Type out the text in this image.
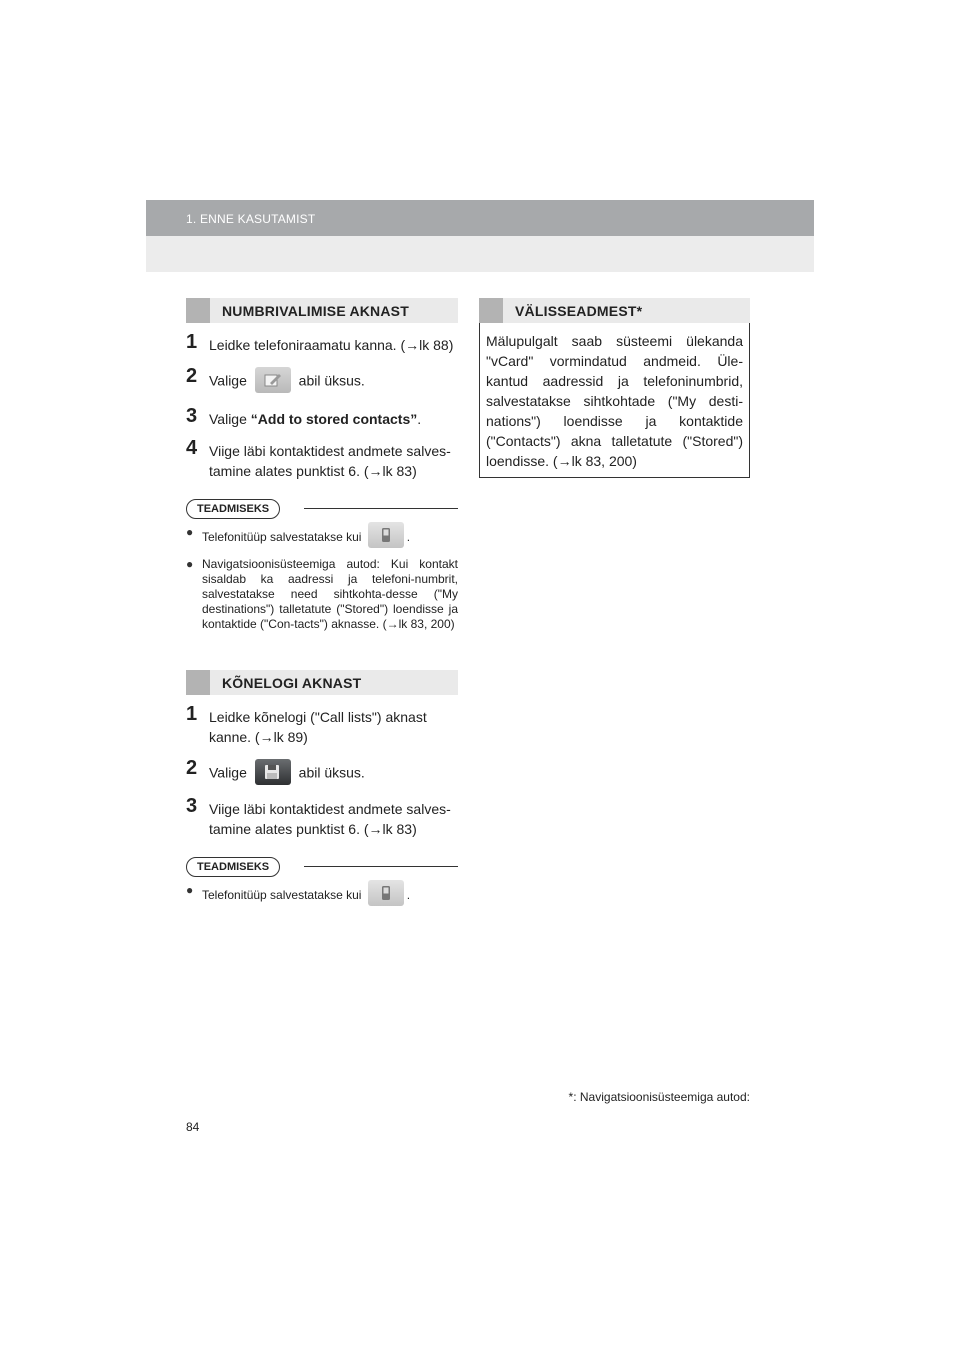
1. ENNE KASUTAMIST
NUMBRIVALIMISE AKNAST
1 Leidke telefoniraamatu kanna. (→lk 88)
2 Valige	abil üksus.
3 Valige “Add to stored contacts”.
4 Viige läbi kontaktidest andmete salves-tamine alates punktist 6. (→lk 83)
TEADMISEKS
● Telefonitüüp salvestatakse kui	.
● Navigatsioonisüsteemiga autod: Kui kontakt sisaldab ka aadressi ja telefoni-numbrit, salvestatakse need sihtkohta-desse ("My destinations") talletatute ("Stored") loendisse ja kontaktide ("Con-tacts") aknasse. (→lk 83, 200)
KÕNELOGI AKNAST
1 Leidke kõnelogi ("Call lists") aknast kanne. (→lk 89)
2 Valige	abil üksus.
3 Viige läbi kontaktidest andmete salves-tamine alates punktist 6. (→lk 83)
TEADMISEKS
● Telefonitüüp salvestatakse kui	.
VÄLISSEADMEST*
Mälupulgalt saab süsteemi ülekanda "vCard" vormindatud andmeid. Üle-kantud aadressid ja telefoninumbrid, salvestatakse sihtkohtade ("My desti-nations") loendisse ja kontaktide ("Contacts") akna talletatute ("Stored") loendisse. (→lk 83, 200)
*: Navigatsioonisüsteemiga autod:
84
